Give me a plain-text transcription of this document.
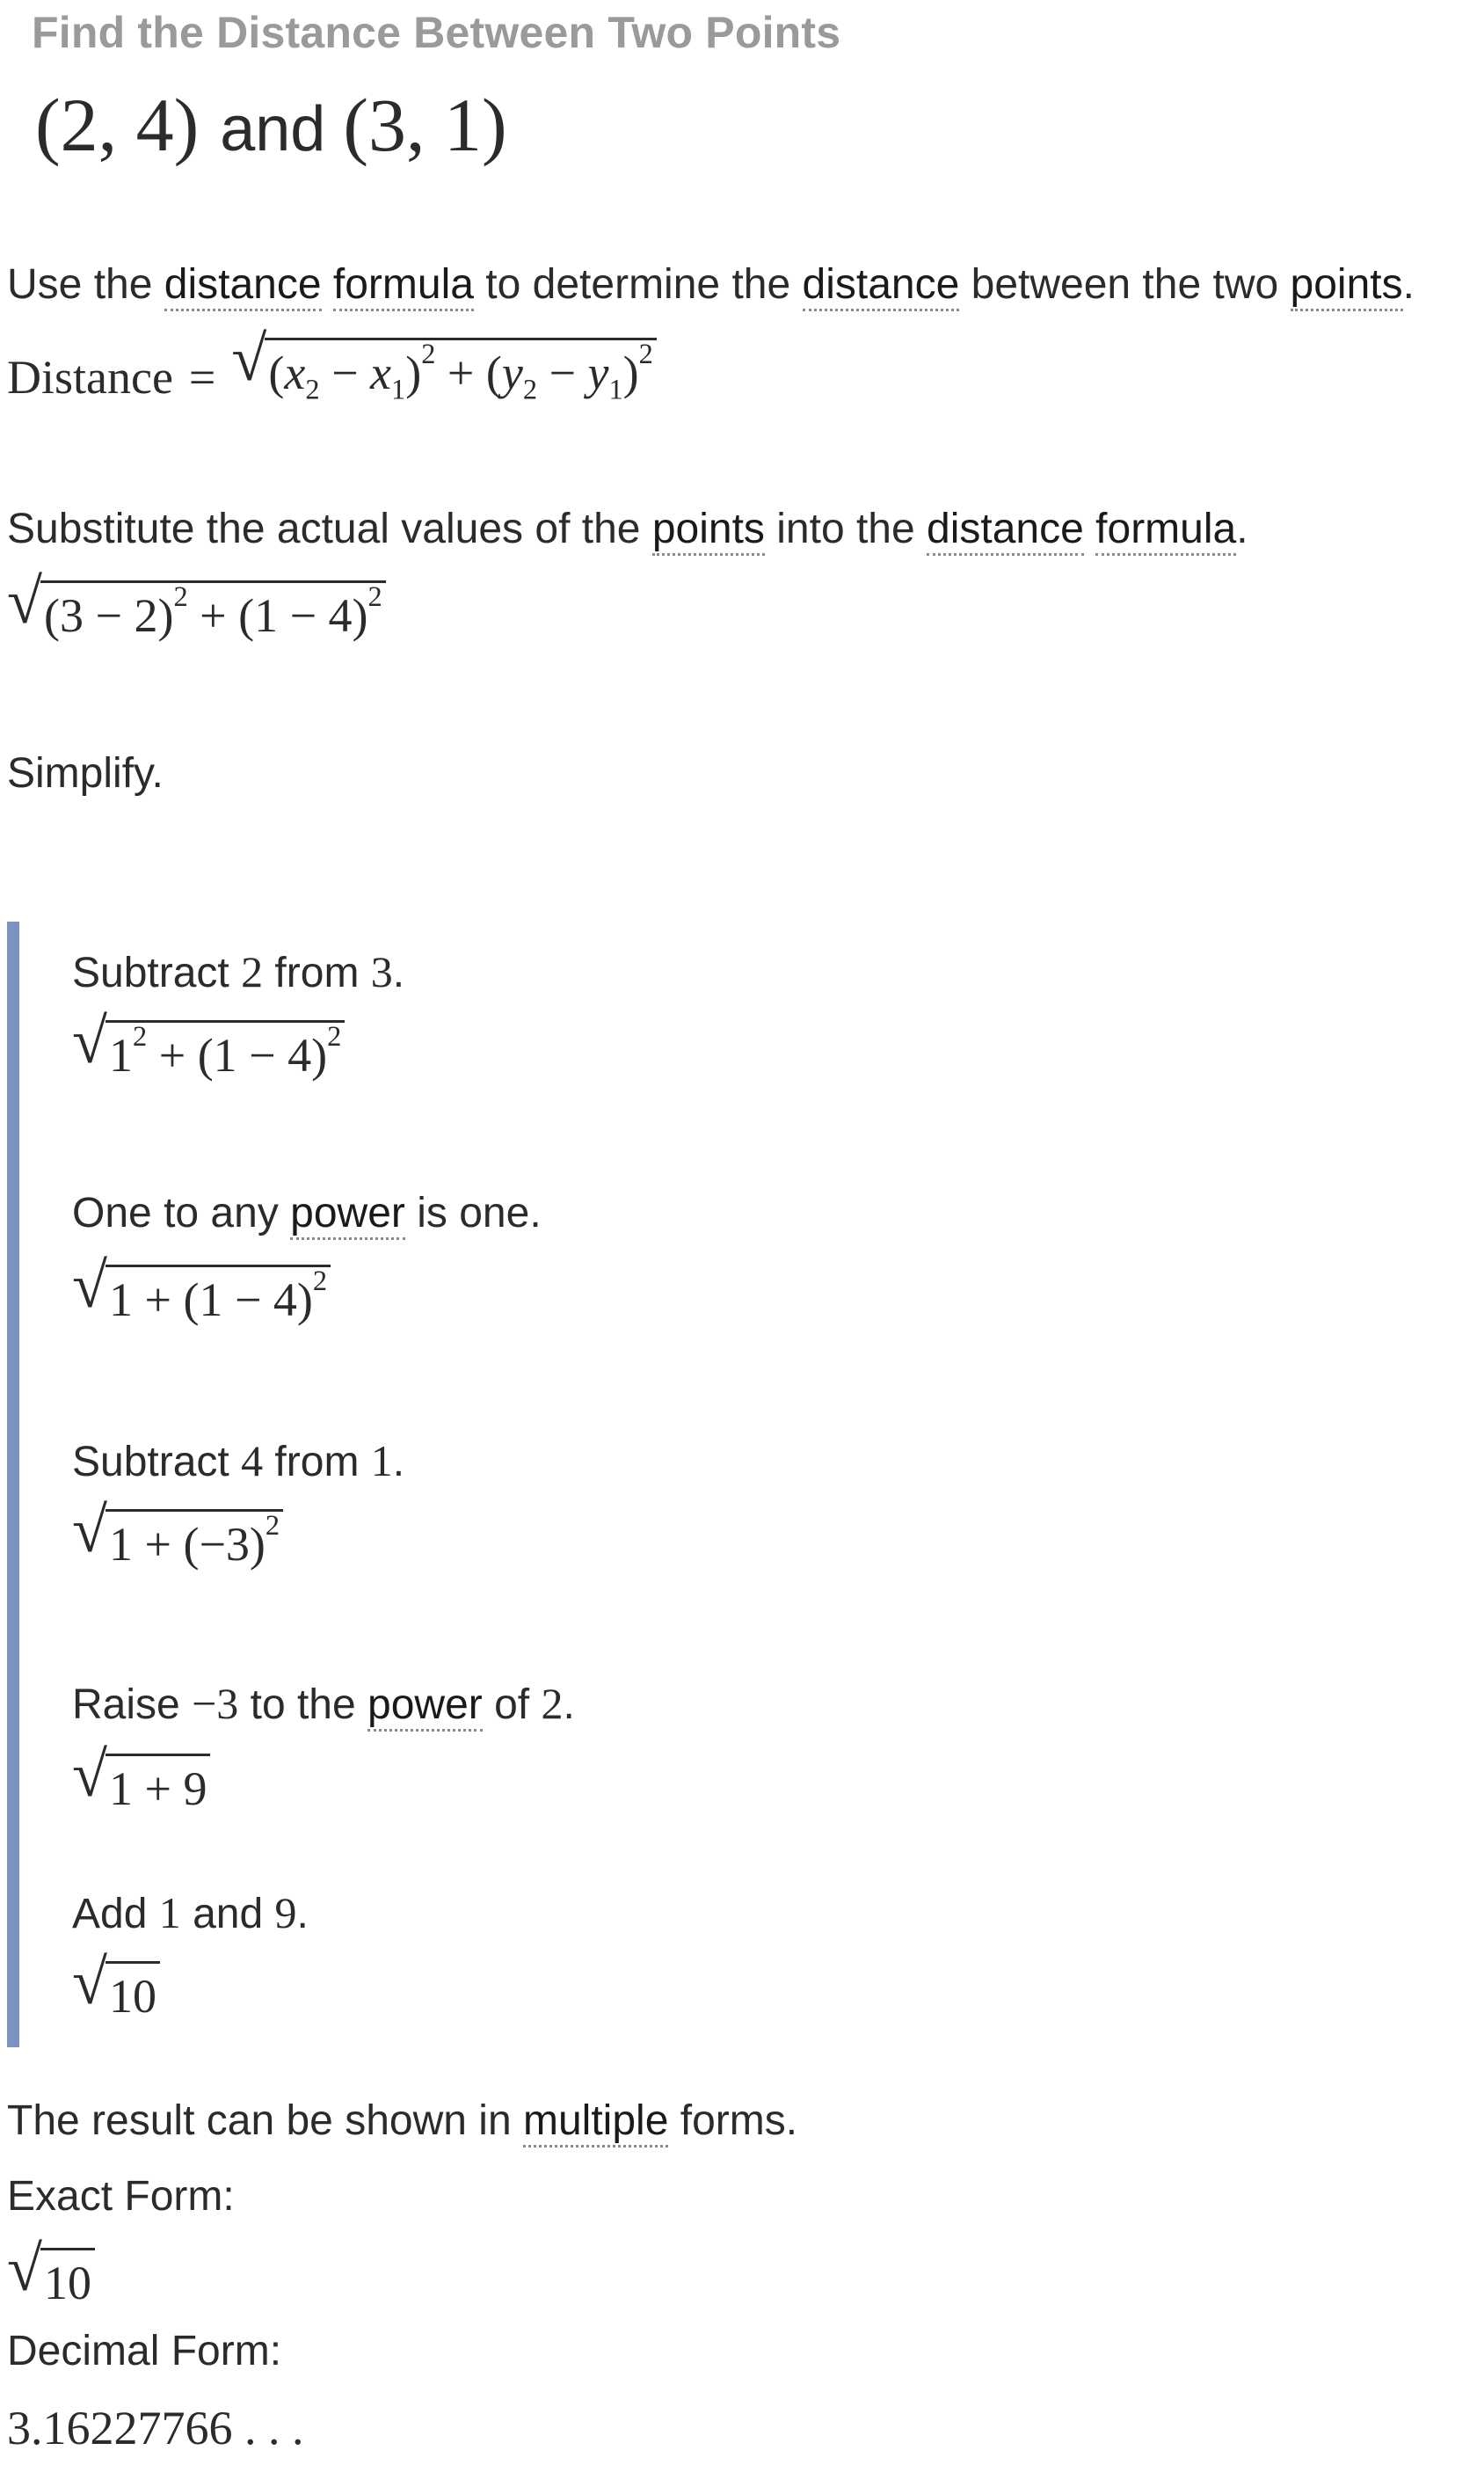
Find the Distance Between Two Points
(2, 4) and (3, 1)
Use the distance formula to determine the distance between the two points.
Distance = √ $(x_2 - x_1)^2 + (y_2 - y_1)^2$
Substitute the actual values of the points into the distance formula.
√ $(3 - 2)^2 + (1 - 4)^2$
Simplify.
Subtract 2 from 3.
√ $1^2 + (1 - 4)^2$
One to any power is one.
√ $1 + (1 - 4)^2$
Subtract 4 from 1.
√ $1 + (-3)^2$
Raise −3 to the power of 2.
√ 1 + 9
Add 1 and 9.
√ 10
The result can be shown in multiple forms.
Exact Form:
√ 10
Decimal Form:
3.16227766 . . .
